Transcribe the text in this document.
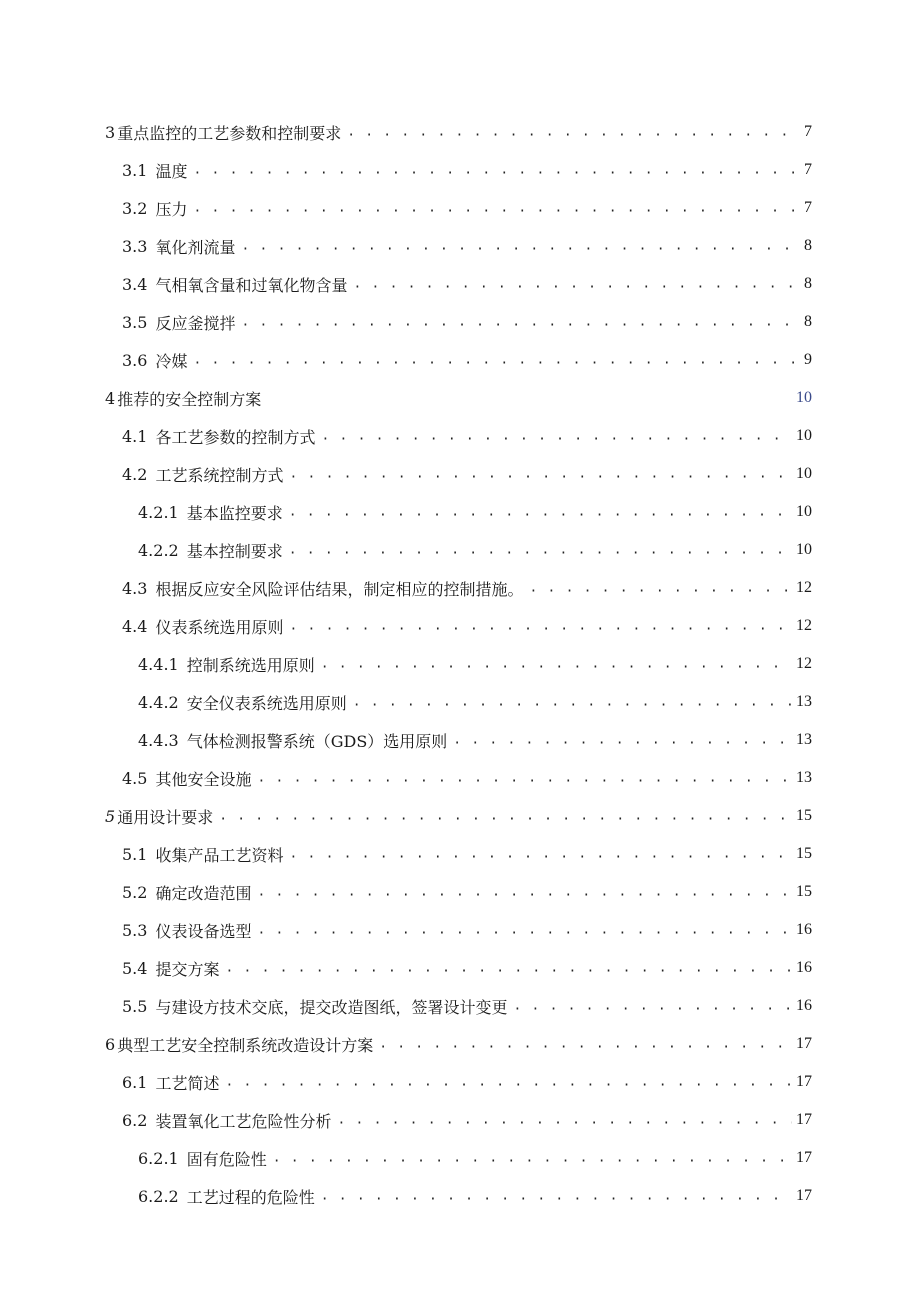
3 重点监控的工艺参数和控制要求 . . .	7
3.1 温度 . . .	7
3.2 压力 . . .	7
3.3 氧化剂流量 . . .	8
3.4 气相氧含量和过氧化物含量 . . .	8
3.5 反应釜搅拌 . . .	8
3.6 冷媒 . . .	9
4 推荐的安全控制方案	10
4.1 各工艺参数的控制方式 . . .	10
4.2 工艺系统控制方式 . . .	10
4.2.1 基本监控要求 . . .	10
4.2.2 基本控制要求 . . .	10
4.3 根据反应安全风险评估结果，制定相应的控制措施。 . . .	12
4.4 仪表系统选用原则 . . .	12
4.4.1 控制系统选用原则 . . .	12
4.4.2 安全仪表系统选用原则 . . .	13
4.4.3 气体检测报警系统（GDS）选用原则 . . .	13
4.5 其他安全设施 . . .	13
5 通用设计要求 . . .	15
5.1 收集产品工艺资料 . . .	15
5.2 确定改造范围 . . .	15
5.3 仪表设备选型 . . .	16
5.4 提交方案 . . .	16
5.5 与建设方技术交底，提交改造图纸，签署设计变更 . . .	16
6 典型工艺安全控制系统改造设计方案 . . .	17
6.1 工艺简述 . . .	17
6.2 装置氧化工艺危险性分析 . . .	17
6.2.1 固有危险性 . . .	17
6.2.2 工艺过程的危险性 . . .	17
